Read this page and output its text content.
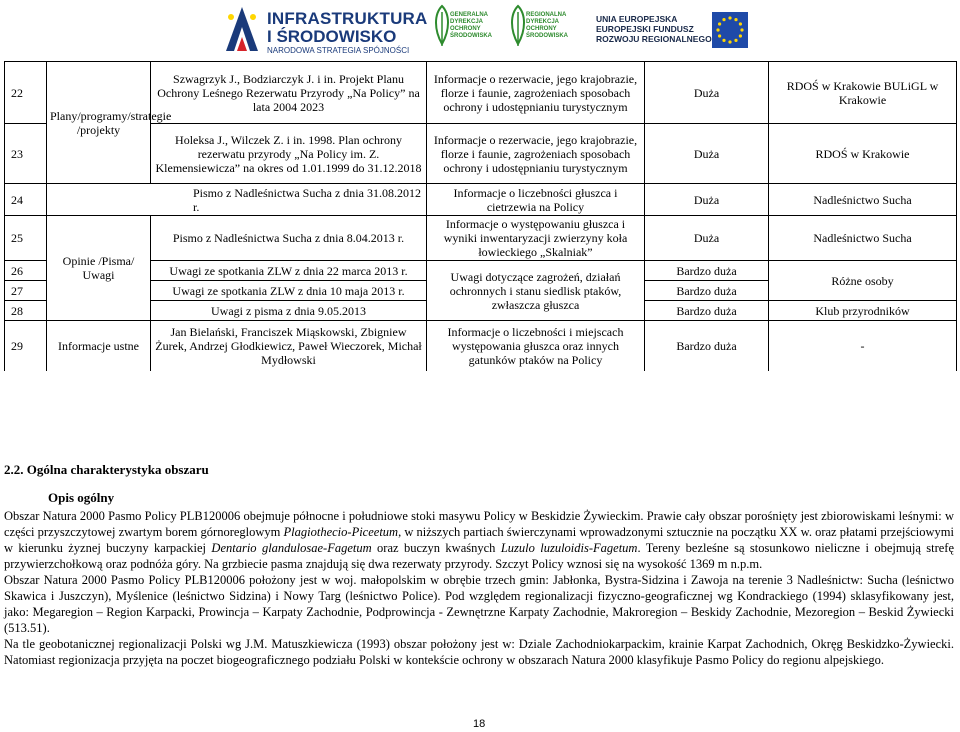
INFRASTRUKTURA
I ŚRODOWISKO
NARODOWA STRATEGIA SPÓJNOŚCI
GENERALNA DYREKCJA OCHRONY ŚRODOWISKA
REGIONALNA DYREKCJA OCHRONY ŚRODOWISKA
UNIA EUROPEJSKA
EUROPEJSKI FUNDUSZ
ROZWOJU REGIONALNEGO
22	Plany/programy/strategie /projekty	Szwagrzyk J., Bodziarczyk J. i in. Projekt Planu Ochrony Leśnego Rezerwatu Przyrody „Na Policy” na lata 2004 2023	Informacje o rezerwacie, jego krajobrazie, florze i faunie, zagrożeniach sposobach ochrony i udostępnianiu turystycznym	Duża	RDOŚ w Krakowie BULiGL w Krakowie
23		Holeksa J., Wilczek Z. i in. 1998. Plan ochrony rezerwatu przyrody „Na Policy im. Z. Klemensiewicza” na okres od 1.01.1999 do 31.12.2018	Informacje o rezerwacie, jego krajobrazie, florze i faunie, zagrożeniach sposobach ochrony i udostępnianiu turystycznym	Duża	RDOŚ w Krakowie
24	Pismo z Nadleśnictwa Sucha z dnia 31.08.2012 r.		Informacje o liczebności głuszca i cietrzewia na Policy	Duża	Nadleśnictwo Sucha
25	Opinie /Pisma/ Uwagi	Pismo z Nadleśnictwa Sucha z dnia 8.04.2013 r.	Informacje o występowaniu głuszca i wyniki inwentaryzacji zwierzyny koła łowieckiego „Skalniak”	Duża	Nadleśnictwo Sucha
26		Uwagi ze spotkania ZLW z dnia 22 marca 2013 r.	Uwagi dotyczące zagrożeń, działań ochronnych i stanu siedlisk ptaków, zwłaszcza głuszca	Bardzo duża	Różne osoby
27		Uwagi ze spotkania ZLW z dnia 10 maja 2013 r.		Bardzo duża	
28		Uwagi z pisma z dnia 9.05.2013		Bardzo duża	Klub przyrodników
29	Informacje ustne	Jan Bielański, Franciszek Miąskowski, Zbigniew Żurek, Andrzej Głodkiewicz, Paweł Wieczorek, Michał Mydłowski	Informacje o liczebności i miejscach występowania głuszca oraz innych gatunków ptaków na Policy	Bardzo duża	-
2.2. Ogólna charakterystyka obszaru
Opis ogólny

Obszar Natura 2000 Pasmo Policy PLB120006 obejmuje północne i południowe stoki masywu Policy w Beskidzie Żywieckim. Prawie cały obszar porośnięty jest zbiorowiskami leśnymi: w części przyszczytowej zwartym borem górnoreglowym Plagiothecio-Piceetum, w niższych partiach świerczynami wprowadzonymi sztucznie na początku XX w. oraz płatami przejściowymi w kierunku żyznej buczyny karpackiej Dentario glandulosae-Fagetum oraz buczyn kwaśnych Luzulo luzuloidis-Fagetum. Tereny bezleśne są stosunkowo nieliczne i obejmują strefę przywierzchołkową oraz podnóża góry. Na grzbiecie pasma znajdują się dwa rezerwaty przyrody. Szczyt Policy wznosi się na wysokość 1369 m n.p.m.

Obszar Natura 2000 Pasmo Policy PLB120006 położony jest w woj. małopolskim w obrębie trzech gmin: Jabłonka, Bystra-Sidzina i Zawoja na terenie 3 Nadleśnictw: Sucha (leśnictwo Skawica i Juszczyn), Myślenice (leśnictwo Sidzina) i Nowy Targ (leśnictwo Police). Pod względem regionalizacji fizyczno-geograficznej wg Kondrackiego (1994) sklasyfikowany jest, jako: Megaregion – Region Karpacki, Prowincja – Karpaty Zachodnie, Podprowincja - Zewnętrzne Karpaty Zachodnie, Makroregion – Beskidy Zachodnie, Mezoregion – Beskid Żywiecki (513.51).

Na tle geobotanicznej regionalizacji Polski wg J.M. Matuszkiewicza (1993) obszar położony jest w: Dziale Zachodniokarpackim, krainie Karpat Zachodnich, Okręg Beskidzko-Żywiecki. Natomiast regionizacja przyjęta na poczet biogeograficznego podziału Polski w kontekście ochrony w obszarach Natura 2000 klasyfikuje Pasmo Policy do regionu alpejskiego.

18
